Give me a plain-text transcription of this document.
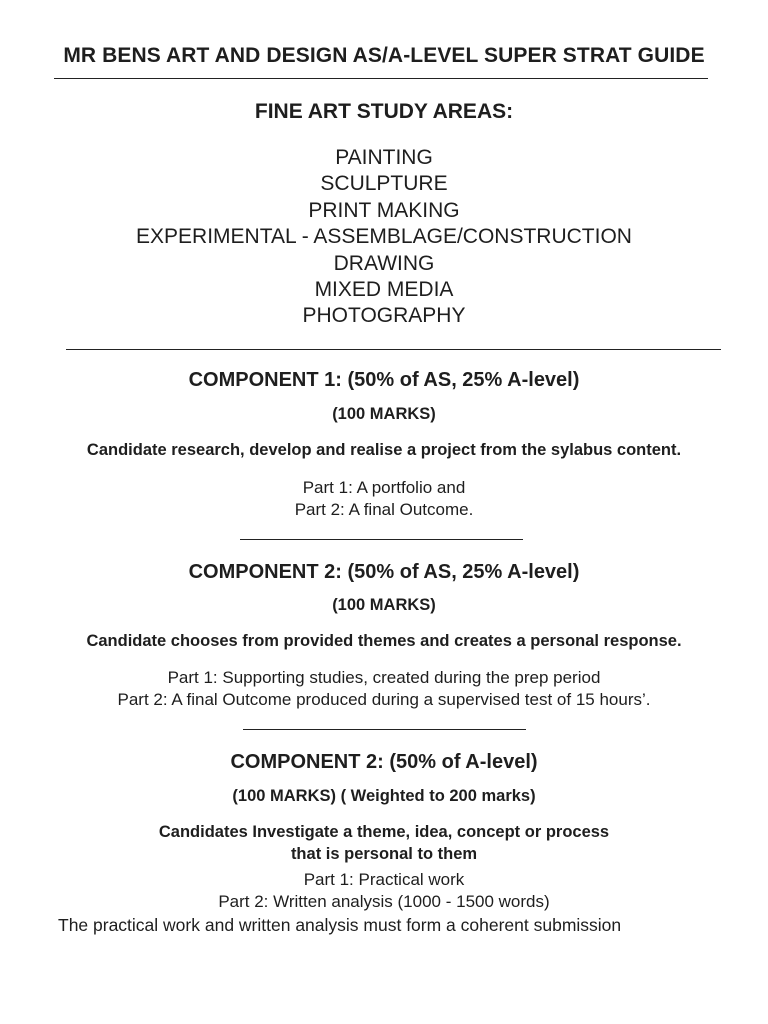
MR BENS ART AND DESIGN AS/A-LEVEL SUPER STRAT GUIDE
FINE ART STUDY AREAS:
PAINTING
SCULPTURE
PRINT MAKING
EXPERIMENTAL - ASSEMBLAGE/CONSTRUCTION
DRAWING
MIXED MEDIA
PHOTOGRAPHY
COMPONENT 1: (50% of AS, 25% A-level)
(100 MARKS)
Candidate research, develop and realise a project from the sylabus content.
Part 1: A portfolio and
Part 2: A final Outcome.
COMPONENT 2: (50% of AS, 25% A-level)
(100 MARKS)
Candidate chooses from provided themes and creates a personal response.
Part 1: Supporting studies, created during the prep period
Part 2: A final Outcome produced during a supervised test of 15 hours’.
COMPONENT 2: (50% of A-level)
(100 MARKS) ( Weighted to 200 marks)
Candidates Investigate a theme, idea, concept or process
that is personal to them
Part 1: Practical work
Part 2: Written analysis (1000 - 1500 words)
The practical work and written analysis must form a coherent submission
